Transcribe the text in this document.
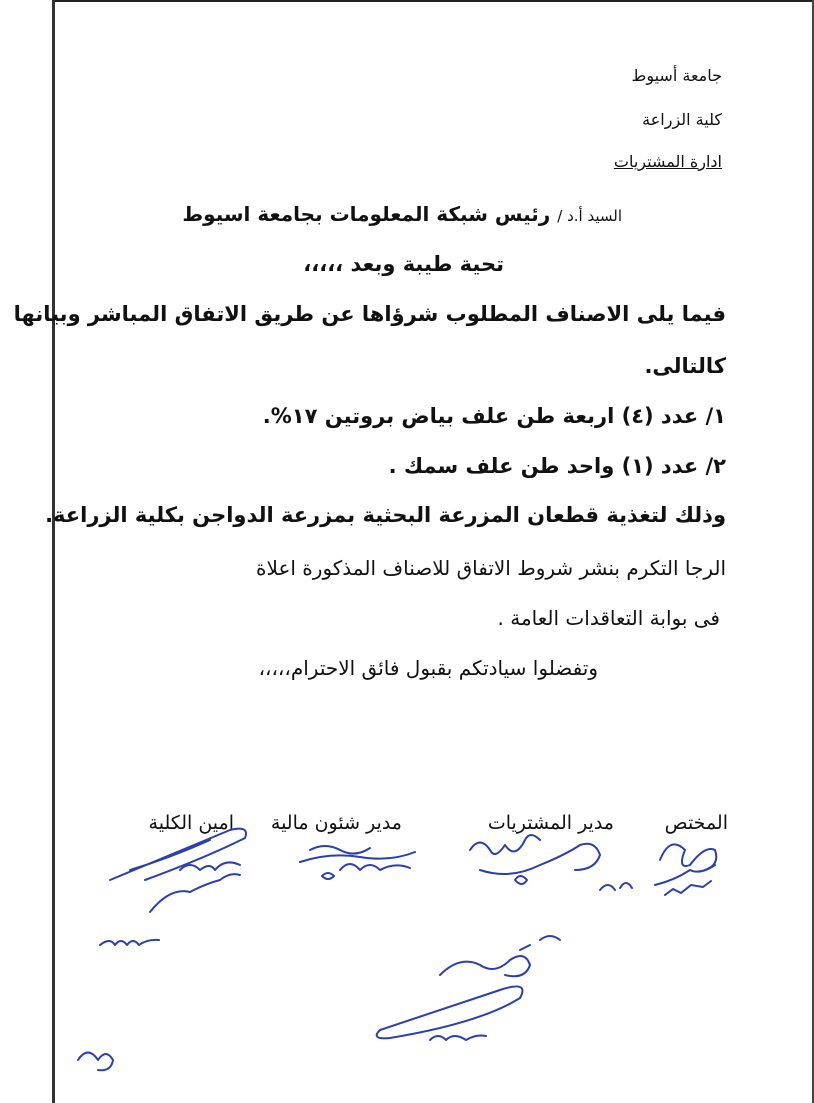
جامعة أسيوط
كلية الزراعة
ادارة المشتريات
السيد أ.د / رئيس شبكة المعلومات بجامعة اسيوط
تحية طيبة وبعد ،،،،،
فيما يلى الاصناف المطلوب شرؤاها عن طريق الاتفاق المباشر وبيانها
كالتالى.
١/ عدد (٤) اربعة طن علف بياض بروتين ١٧%.
٢/ عدد (١) واحد طن علف سمك .
وذلك لتغذية قطعان المزرعة البحثية بمزرعة الدواجن بكلية الزراعة.
الرجا التكرم بنشر شروط الاتفاق للاصناف المذكورة اعلاة
فى بوابة التعاقدات العامة .
وتفضلوا سيادتكم بقبول فائق الاحترام،،،،،
المختص
مدير المشتريات
مدير شئون مالية
امين الكلية
